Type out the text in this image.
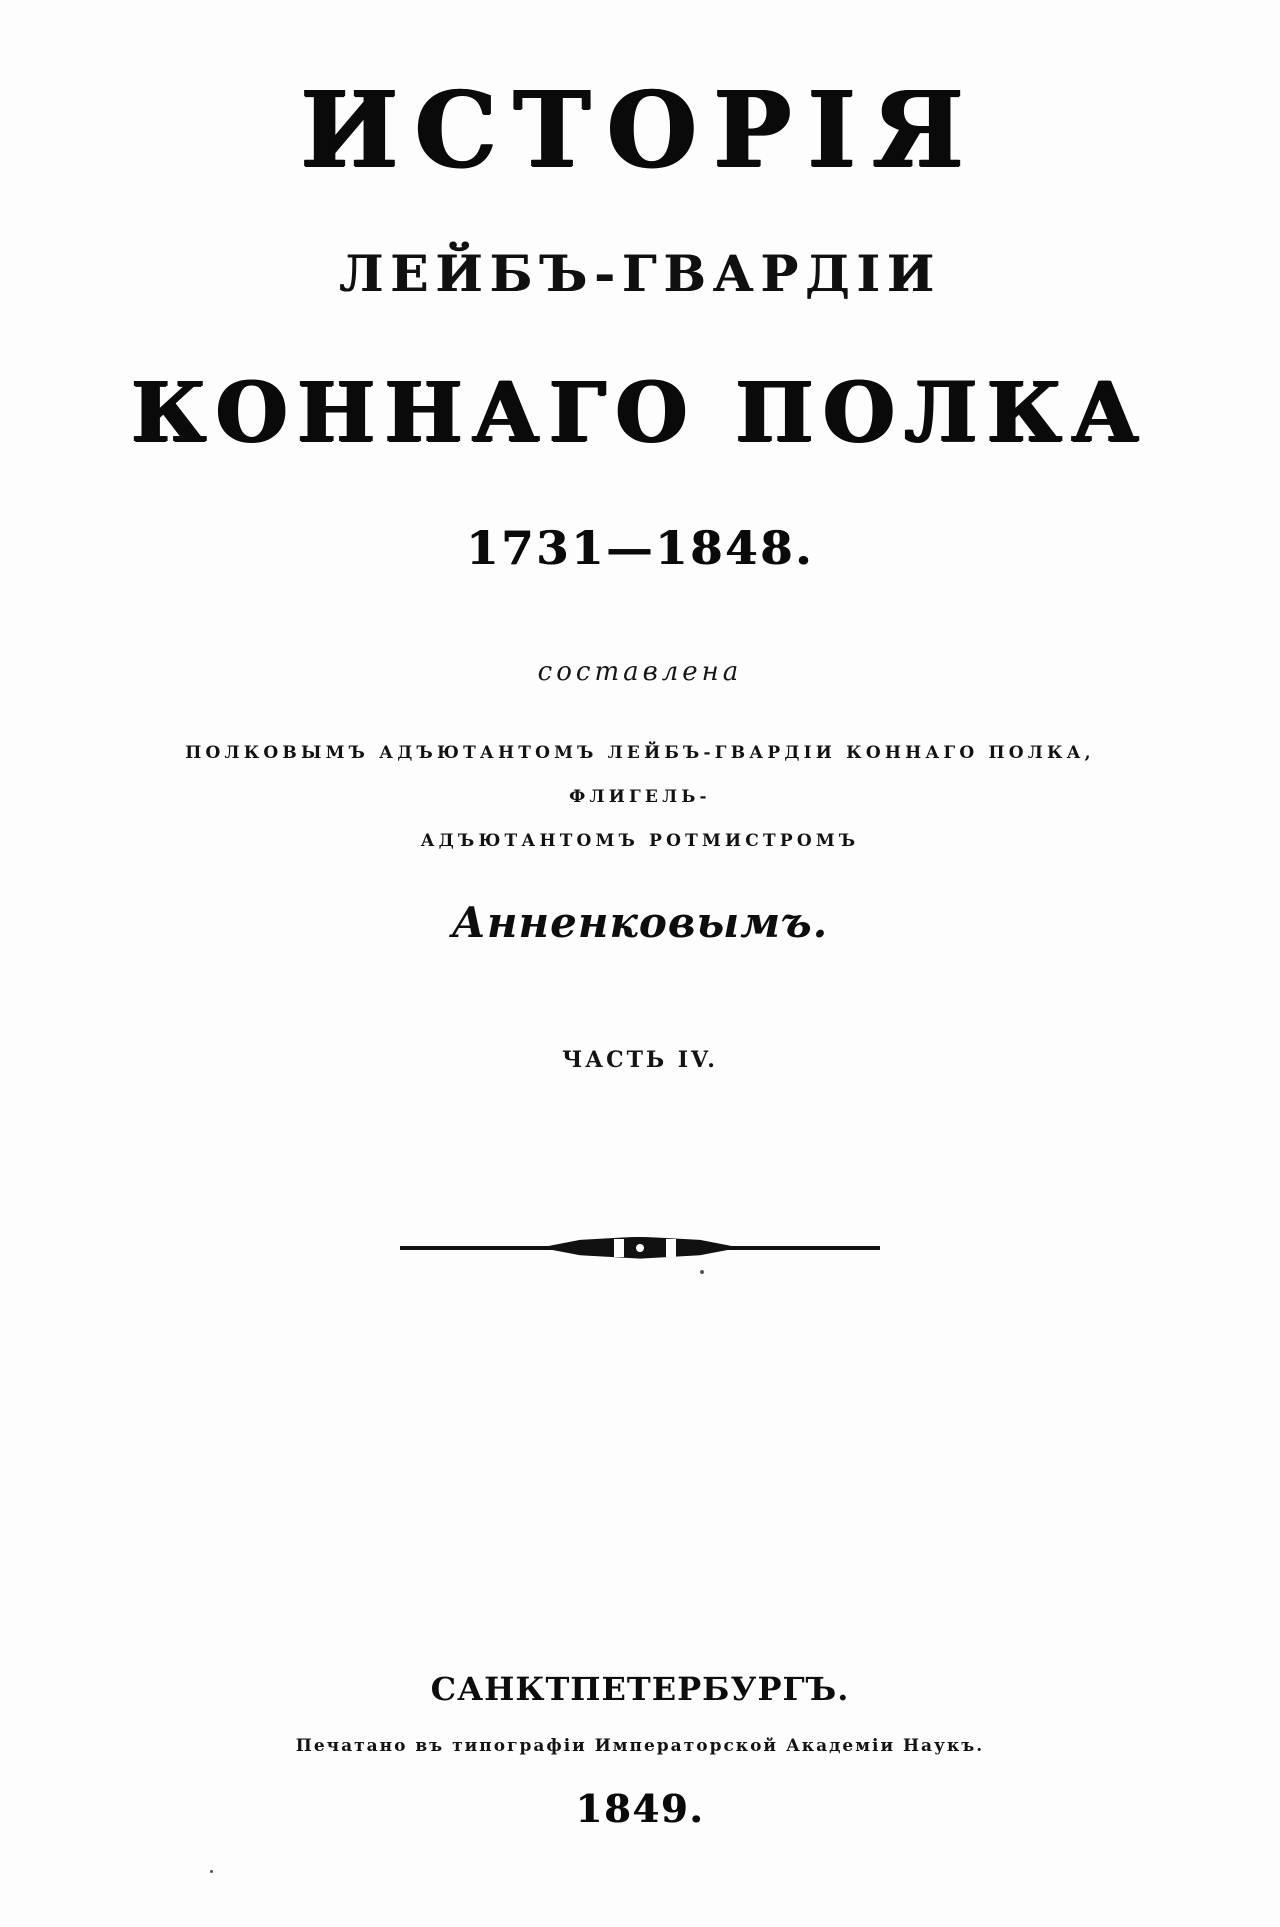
ИСТОРІЯ
ЛЕЙБЪ-ГВАРДІИ
КОННАГО ПОЛКА
1731—1848.
составлена
ПОЛКОВЫМЪ АДЪЮТАНТОМЪ ЛЕЙБЪ-ГВАРДІИ КОННАГО ПОЛКА, ФЛИГЕЛЬ-
АДЪЮТАНТОМЪ РОТМИСТРОМЪ
Анненковымъ.
ЧАСТЬ IV.
САНКТПЕТЕРБУРГЪ.
Печатано въ типографіи Императорской Академіи Наукъ.
1849.
